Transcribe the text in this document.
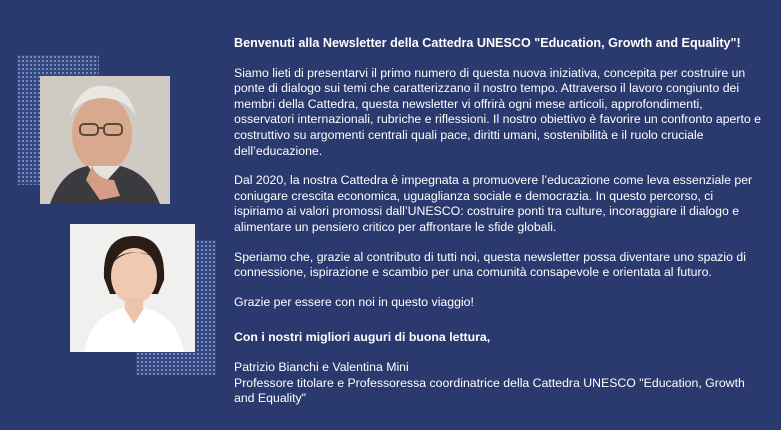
Benvenuti alla Newsletter della Cattedra UNESCO "Education, Growth and Equality"!

Siamo lieti di presentarvi il primo numero di questa nuova iniziativa, concepita per costruire un ponte di dialogo sui temi che caratterizzano il nostro tempo. Attraverso il lavoro congiunto dei membri della Cattedra, questa newsletter vi offrirà ogni mese articoli, approfondimenti, osservatori internazionali, rubriche e riflessioni. Il nostro obiettivo è favorire un confronto aperto e costruttivo su argomenti centrali quali pace, diritti umani, sostenibilità e il ruolo cruciale dell’educazione.

Dal 2020, la nostra Cattedra è impegnata a promuovere l’educazione come leva essenziale per coniugare crescita economica, uguaglianza sociale e democrazia. In questo percorso, ci ispiriamo ai valori promossi dall’UNESCO: costruire ponti tra culture, incoraggiare il dialogo e alimentare un pensiero critico per affrontare le sfide globali.

Speriamo che, grazie al contributo di tutti noi, questa newsletter possa diventare uno spazio di connessione, ispirazione e scambio per una comunità consapevole e orientata al futuro.

Grazie per essere con noi in questo viaggio!

Con i nostri migliori auguri di buona lettura,

Patrizio Bianchi e Valentina Mini

Professore titolare e Professoressa coordinatrice della Cattedra UNESCO "Education, Growth and Equality"
